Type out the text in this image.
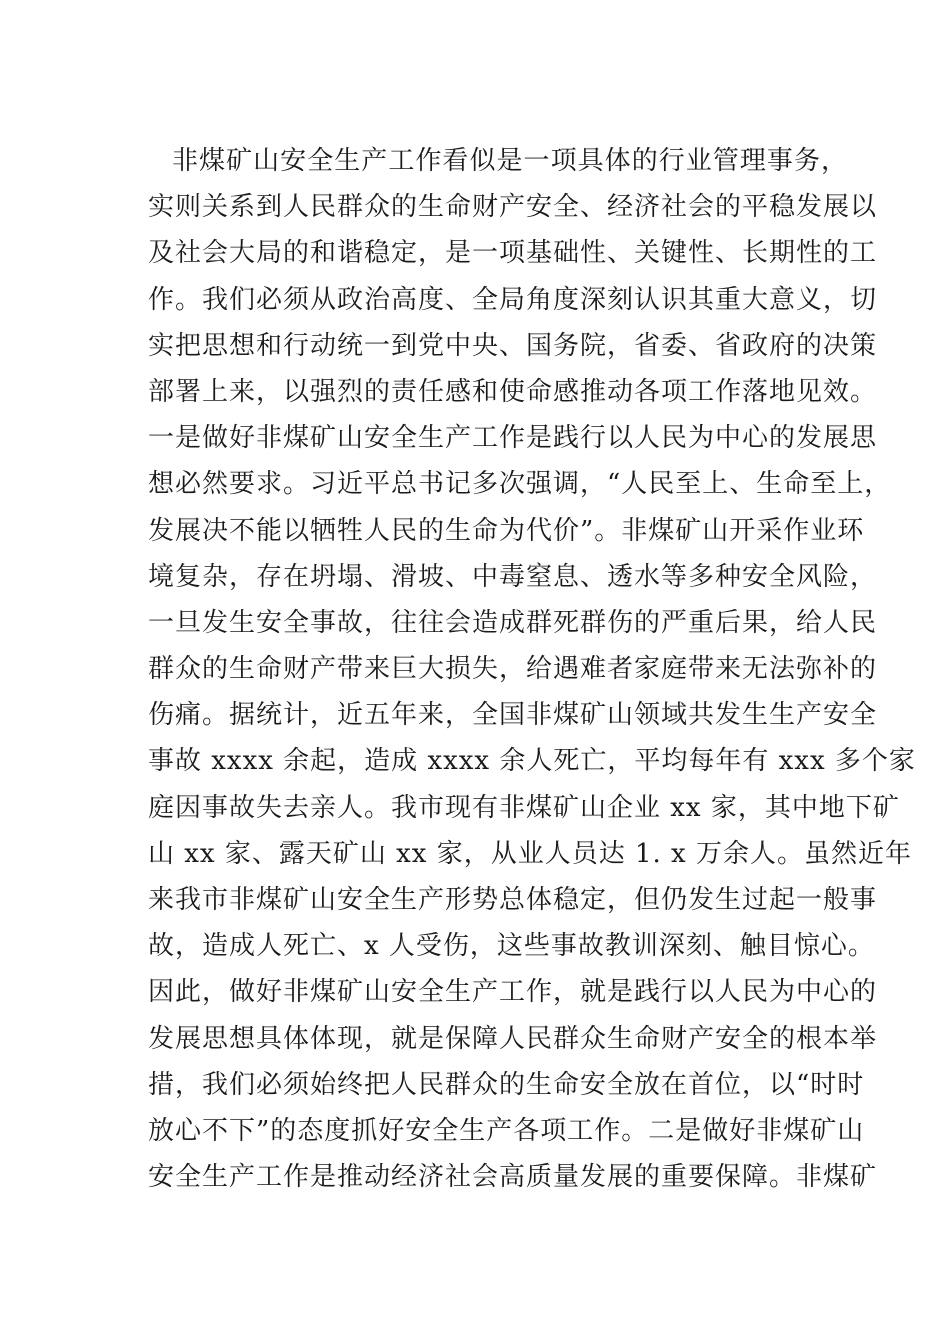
非煤矿山安全生产工作看似是一项具体的行业管理事务，
实则关系到人民群众的生命财产安全、经济社会的平稳发展以
及社会大局的和谐稳定，是一项基础性、关键性、长期性的工
作。我们必须从政治高度、全局角度深刻认识其重大意义，切
实把思想和行动统一到党中央、国务院，省委、省政府的决策
部署上来，以强烈的责任感和使命感推动各项工作落地见效。
一是做好非煤矿山安全生产工作是践行以人民为中心的发展思
想必然要求。习近平总书记多次强调，“人民至上、生命至上，
发展决不能以牺牲人民的生命为代价”。非煤矿山开采作业环
境复杂，存在坍塌、滑坡、中毒窒息、透水等多种安全风险，
一旦发生安全事故，往往会造成群死群伤的严重后果，给人民
群众的生命财产带来巨大损失，给遇难者家庭带来无法弥补的
伤痛。据统计，近五年来，全国非煤矿山领域共发生生产安全
事故 xxxx 余起，造成 xxxx 余人死亡，平均每年有 xxx 多个家
庭因事故失去亲人。我市现有非煤矿山企业 xx 家，其中地下矿
山 xx 家、露天矿山 xx 家，从业人员达 1. x 万余人。虽然近年
来我市非煤矿山安全生产形势总体稳定，但仍发生过起一般事
故，造成人死亡、x 人受伤，这些事故教训深刻、触目惊心。
因此，做好非煤矿山安全生产工作，就是践行以人民为中心的
发展思想具体体现，就是保障人民群众生命财产安全的根本举
措，我们必须始终把人民群众的生命安全放在首位，以“时时
放心不下”的态度抓好安全生产各项工作。二是做好非煤矿山
安全生产工作是推动经济社会高质量发展的重要保障。非煤矿
